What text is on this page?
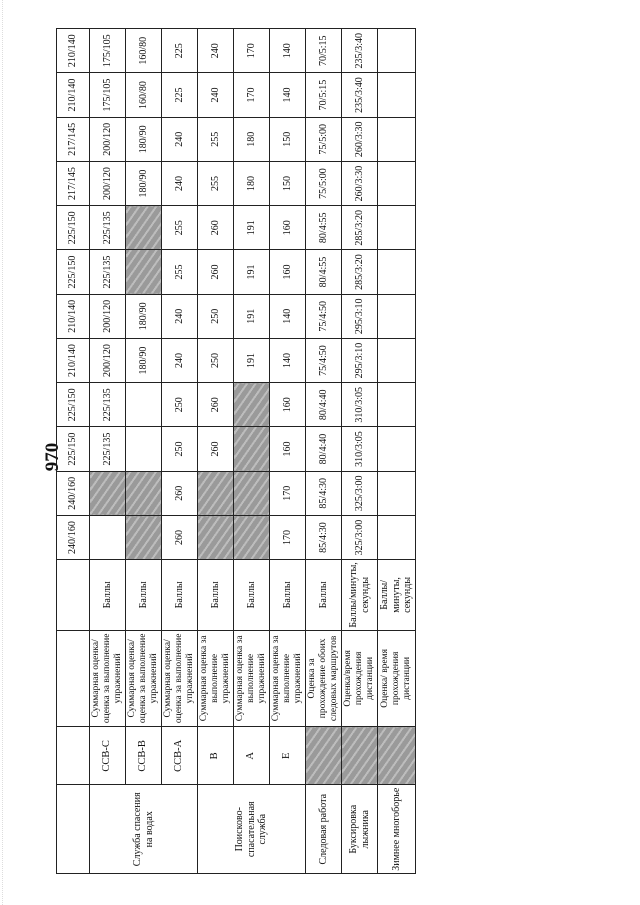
970
				240/160	240/160	225/150	225/150	210/140	210/140	225/150	225/150	217/145	217/145	210/140	210/140
Служба спасения на водах	ССВ-С	Суммарная оценка/ оценка за выполнение упражнений	Баллы			225/135	225/135	200/120	200/120	225/135	225/135	200/120	200/120	175/105	175/105
	ССВ-В	Суммарная оценка/ оценка за выполнение упражнений	Баллы					180/90	180/90			180/90	180/90	160/80	160/80
	ССВ-А	Суммарная оценка/ оценка за выполнение упражнений	Баллы	260	260	250	250	240	240	255	255	240	240	225	225
Поисково-спасательная служба	В	Суммарная оценка за выполнение упражнений	Баллы			260	260	250	250	260	260	255	255	240	240
	А	Суммарная оценка за выполнение упражнений	Баллы					191	191	191	191	180	180	170	170
	Е	Суммарная оценка за выполнение упражнений	Баллы	170	170	160	160	140	140	160	160	150	150	140	140
Следовая работа		Оценка за прохождение обоих следовых маршрутов	Баллы	85/4:30	85/4:30	80/4:40	80/4:40	75/4:50	75/4:50	80/4:55	80/4:55	75/5:00	75/5:00	70/5:15	70/5:15
Буксировка лыжника		Оценка/время прохождения дистанции	Баллы/минуты, секунды	325/3:00	325/3:00	310/3:05	310/3:05	295/3:10	295/3:10	285/3:20	285/3:20	260/3:30	260/3:30	235/3:40	235/3:40
Зимнее многоборье		Оценка/ время прохождения дистанции	Баллы/ минуты, секунды												
